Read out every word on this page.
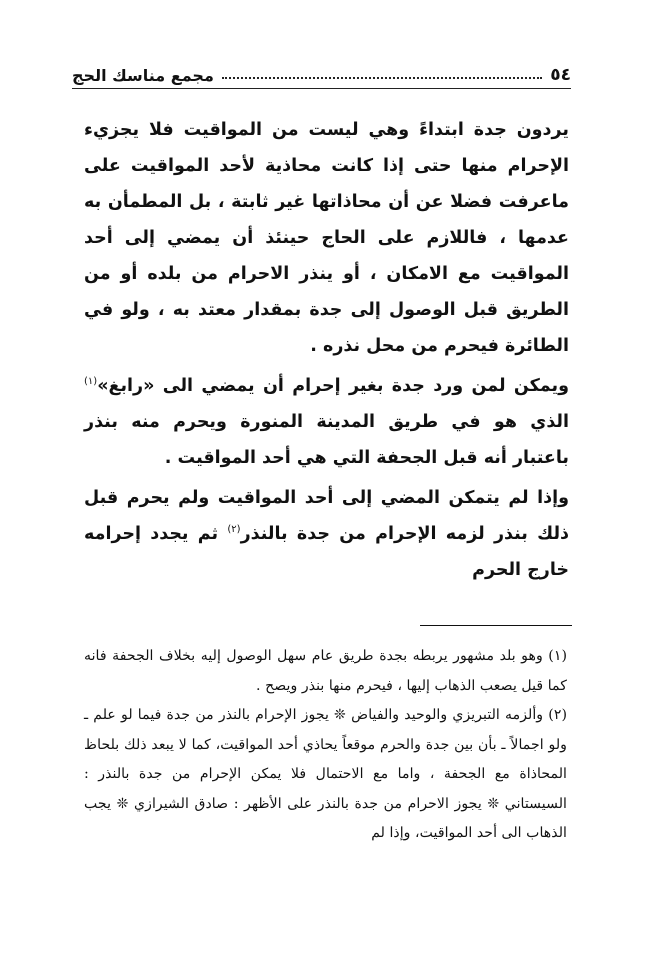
٥٤
مجمع مناسك الحج

يردون جدة ابتداءً وهي ليست من المواقيت فلا يجزيء الإحرام منها حتى إذا كانت محاذية لأحد المواقيت على ماعرفت فضلا عن أن محاذاتها غير ثابتة ، بل المطمأن به عدمها ، فاللازم على الحاج حينئذ أن يمضي إلى أحد المواقيت مع الامكان ، أو ينذر الاحرام من بلده أو من الطريق قبل الوصول إلى جدة بمقدار معتد به ، ولو في الطائرة فيحرم من محل نذره .

ويمكن لمن ورد جدة بغير إحرام أن يمضي الى «رابغ»$^{(١)}$ الذي هو في طريق المدينة المنورة ويحرم منه بنذر باعتبار أنه قبل الجحفة التي هي أحد المواقيت .

وإذا لم يتمكن المضي إلى أحد المواقيت ولم يحرم قبل ذلك بنذر لزمه الإحرام من جدة بالنذر$^{(٢)}$ ثم يجدد إحرامه خارج الحرم

(١) وهو بلد مشهور يربطه بجدة طريق عام سهل الوصول إليه بخلاف الجحفة فانه كما قيل يصعب الذهاب إليها ، فيحرم منها بنذر ويصح .

(٢) وألزمه التبريزي والوحيد والفياض ❊ يجوز الإحرام بالنذر من جدة فيما لو علم ـ ولو اجمالاً ـ بأن بين جدة والحرم موقعاً يحاذي أحد المواقيت، كما لا يبعد ذلك بلحاظ المحاذاة مع الجحفة ، واما مع الاحتمال فلا يمكن الإحرام من جدة بالنذر : السيستاني ❊ يجوز الاحرام من جدة بالنذر على الأظهر : صادق الشيرازي ❊ يجب الذهاب الى أحد المواقيت، وإذا لم
